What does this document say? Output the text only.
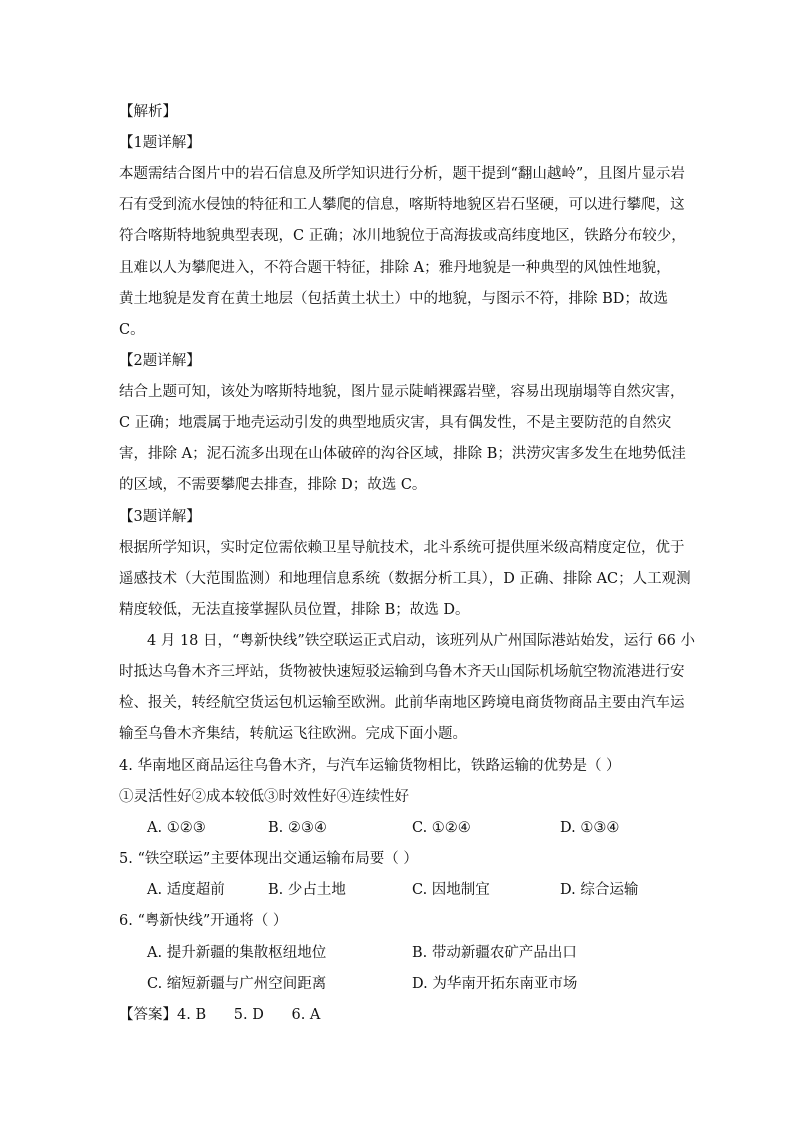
【解析】
【1题详解】
本题需结合图片中的岩石信息及所学知识进行分析，题干提到“翻山越岭”，且图片显示岩
石有受到流水侵蚀的特征和工人攀爬的信息，喀斯特地貌区岩石坚硬，可以进行攀爬，这
符合喀斯特地貌典型表现，C 正确；冰川地貌位于高海拔或高纬度地区，铁路分布较少，
且难以人为攀爬进入，不符合题干特征，排除 A；雅丹地貌是一种典型的风蚀性地貌，
黄土地貌是发育在黄土地层（包括黄土状土）中的地貌，与图示不符，排除 BD；故选
C。
【2题详解】
结合上题可知，该处为喀斯特地貌，图片显示陡峭裸露岩壁，容易出现崩塌等自然灾害，
C 正确；地震属于地壳运动引发的典型地质灾害，具有偶发性，不是主要防范的自然灾
害，排除 A；泥石流多出现在山体破碎的沟谷区域，排除 B；洪涝灾害多发生在地势低洼
的区域，不需要攀爬去排查，排除 D；故选 C。
【3题详解】
根据所学知识，实时定位需依赖卫星导航技术，北斗系统可提供厘米级高精度定位，优于
遥感技术（大范围监测）和地理信息系统（数据分析工具），D 正确、排除 AC；人工观测
精度较低，无法直接掌握队员位置，排除 B；故选 D。
4 月 18 日，“粤新快线”铁空联运正式启动，该班列从广州国际港站始发，运行 66 小
时抵达乌鲁木齐三坪站，货物被快速短驳运输到乌鲁木齐天山国际机场航空物流港进行安
检、报关，转经航空货运包机运输至欧洲。此前华南地区跨境电商货物商品主要由汽车运
输至乌鲁木齐集结，转航运飞往欧洲。完成下面小题。
4. 华南地区商品运往乌鲁木齐，与汽车运输货物相比，铁路运输的优势是（ ）
①灵活性好②成本较低③时效性好④连续性好
A. ①②③	B. ②③④	C. ①②④	D. ①③④
5. “铁空联运”主要体现出交通运输布局要（ ）
A. 适度超前	B. 少占土地	C. 因地制宜	D. 综合运输
6. “粤新快线”开通将（ ）
A. 提升新疆的集散枢纽地位	B. 带动新疆农矿产品出口
C. 缩短新疆与广州空间距离	D. 为华南开拓东南亚市场
【答案】4. B      5. D      6. A
